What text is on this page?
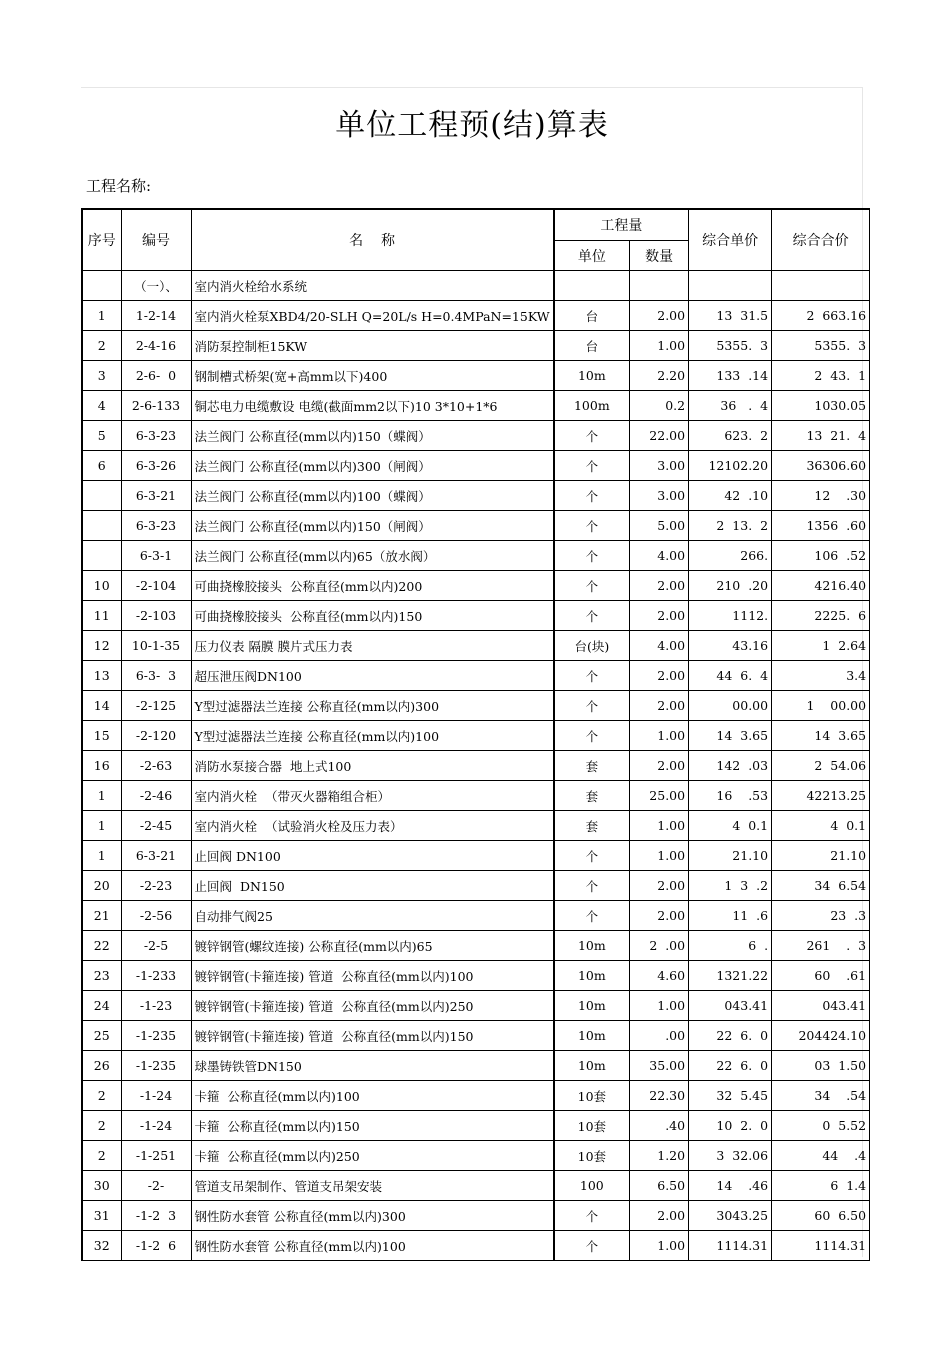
单位工程预(结)算表
工程名称:
序号	编号	名    称	工程量		综合单价	综合合价
			单位	数量		
	（一）、	室内消火栓给水系统				
1	1-2-14	室内消火栓泵XBD4/20-SLH Q=20L/s H=0.4MPaN=15KW	台	2.00	13  31.5	2  663.16
2	2-4-16	消防泵控制柜15KW	台	1.00	5355.  3	5355.  3
3	2-6-  0	钢制槽式桥架(宽+高mm以下)400	10m	2.20	133  .14	2  43.  1
4	2-6-133	铜芯电力电缆敷设 电缆(截面mm2以下)10 3*10+1*6	100m	0.2	36   .  4	1030.05
5	6-3-23	法兰阀门 公称直径(mm以内)150（蝶阀）	个	22.00	623.  2	13  21.  4
6	6-3-26	法兰阀门 公称直径(mm以内)300（闸阀）	个	3.00	12102.20	36306.60
	6-3-21	法兰阀门 公称直径(mm以内)100（蝶阀）	个	3.00	42  .10	12    .30
	6-3-23	法兰阀门 公称直径(mm以内)150（闸阀）	个	5.00	2  13.  2	1356  .60
	6-3-1	法兰阀门 公称直径(mm以内)65（放水阀）	个	4.00	266.	106  .52
10	-2-104	可曲挠橡胶接头  公称直径(mm以内)200	个	2.00	210  .20	4216.40
11	-2-103	可曲挠橡胶接头  公称直径(mm以内)150	个	2.00	1112.	2225.  6
12	10-1-35	压力仪表 隔膜 膜片式压力表	台(块)	4.00	43.16	1  2.64
13	6-3-  3	超压泄压阀DN100	个	2.00	44  6.  4	3.4
14	-2-125	Y型过滤器法兰连接 公称直径(mm以内)300	个	2.00	00.00	1    00.00
15	-2-120	Y型过滤器法兰连接 公称直径(mm以内)100	个	1.00	14  3.65	14  3.65
16	-2-63	消防水泵接合器  地上式100	套	2.00	142  .03	2  54.06
1	-2-46	室内消火栓  （带灭火器箱组合柜）	套	25.00	16    .53	42213.25
1	-2-45	室内消火栓  （试验消火栓及压力表）	套	1.00	4  0.1	4  0.1
1	6-3-21	止回阀 DN100	个	1.00	21.10	21.10
20	-2-23	止回阀  DN150	个	2.00	1  3  .2	34  6.54
21	-2-56	自动排气阀25	个	2.00	11  .6	23  .3
22	-2-5	镀锌钢管(螺纹连接) 公称直径(mm以内)65	10m	2  .00	6  .	261    .  3
23	-1-233	镀锌钢管(卡箍连接) 管道  公称直径(mm以内)100	10m	4.60	1321.22	60    .61
24	-1-23	镀锌钢管(卡箍连接) 管道  公称直径(mm以内)250	10m	1.00	043.41	043.41
25	-1-235	镀锌钢管(卡箍连接) 管道  公称直径(mm以内)150	10m	.00	22  6.  0	204424.10
26	-1-235	球墨铸铁管DN150	10m	35.00	22  6.  0	03  1.50
2	-1-24	卡箍  公称直径(mm以内)100	10套	22.30	32  5.45	34    .54
2	-1-24	卡箍  公称直径(mm以内)150	10套	.40	10  2.  0	0  5.52
2	-1-251	卡箍  公称直径(mm以内)250	10套	1.20	3  32.06	44    .4
30	-2-	管道支吊架制作、管道支吊架安装	100	6.50	14    .46	6  1.4
31	-1-2  3	钢性防水套管 公称直径(mm以内)300	个	2.00	3043.25	60  6.50
32	-1-2  6	钢性防水套管 公称直径(mm以内)100	个	1.00	1114.31	1114.31
